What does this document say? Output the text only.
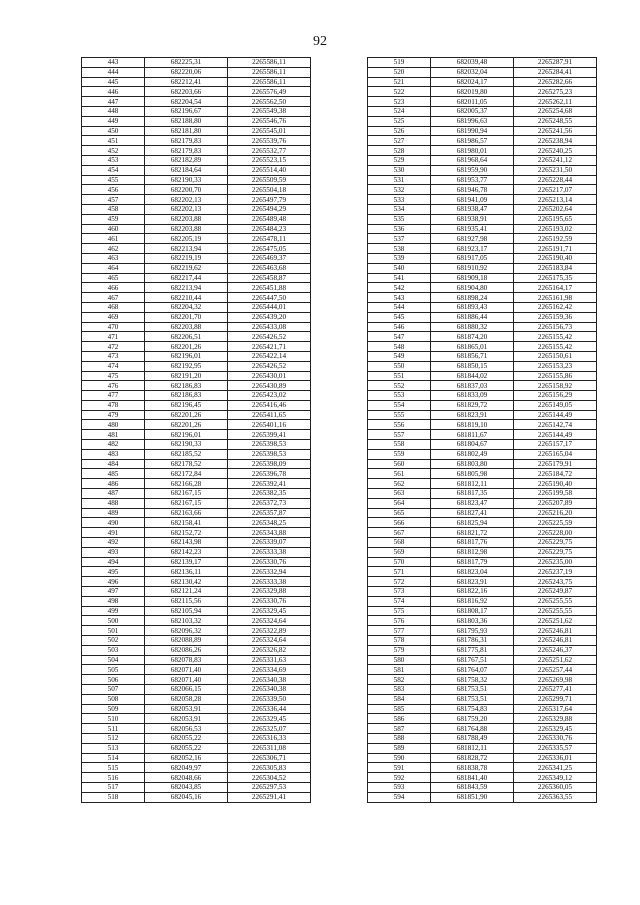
92
443	682225,31	2265586,11
444	682220,06	2265586,11
445	682212,41	2265586,11
446	682203,66	2265576,49
447	682204,54	2265562,50
448	682196,67	2265549,38
449	682188,80	2265546,76
450	682181,80	2265545,01
451	682179,83	2265539,76
452	682179,83	2265532,77
453	682182,89	2265523,15
454	682184,64	2265514,40
455	682190,33	2265509,59
456	682200,70	2265504,18
457	682202,13	2265497,79
458	682202,13	2265494,29
459	682203,88	2265489,48
460	682203,88	2265484,23
461	682205,19	2265478,11
462	682213,94	2265475,05
463	682219,19	2265469,37
464	682219,62	2265463,68
465	682217,44	2265458,87
466	682213,94	2265451,88
467	682210,44	2265447,50
468	682204,32	2265444,01
469	682201,70	2265439,20
470	682203,88	2265433,08
471	682206,51	2265426,52
472	682201,26	2265421,71
473	682196,01	2265422,14
474	682192,95	2265426,52
475	682191,20	2265430,01
476	682186,83	2265430,89
477	682186,83	2265423,02
478	682196,45	2265416,46
479	682201,26	2265411,65
480	682201,26	2265401,16
481	682196,01	2265399,41
482	682190,33	2265398,53
483	682185,52	2265398,53
484	682178,52	2265398,09
485	682172,84	2265396,78
486	682166,28	2265392,41
487	682167,15	2265382,35
488	682167,15	2265372,73
489	682163,66	2265357,87
490	682158,41	2265348,25
491	682152,72	2265343,88
492	682143,98	2265339,07
493	682142,23	2265333,38
494	682139,17	2265330,76
495	682136,11	2265332,94
496	682130,42	2265333,38
497	682121,24	2265329,88
498	682115,56	2265330,76
499	682105,94	2265329,45
500	682103,32	2265324,64
501	682096,32	2265322,89
502	682088,89	2265324,64
503	682086,26	2265326,82
504	682078,83	2265331,63
505	682071,40	2265334,69
506	682071,40	2265340,38
507	682066,15	2265340,38
508	682058,28	2265339,50
509	682053,91	2265336,44
510	682053,91	2265329,45
511	682056,53	2265325,07
512	682055,22	2265316,33
513	682055,22	2265311,08
514	682052,16	2265306,71
515	682049,97	2265305,83
516	682048,66	2265304,52
517	682043,85	2265297,53
518	682045,16	2265291,41
519	682039,48	2265287,91
520	682032,04	2265284,41
521	682024,17	2265282,66
522	682019,80	2265275,23
523	682011,05	2265262,11
524	682005,37	2265254,68
525	681996,63	2265248,55
526	681990,94	2265241,56
527	681986,57	2265238,94
528	681980,01	2265240,25
529	681968,64	2265241,12
530	681959,90	2265231,50
531	681953,77	2265228,44
532	681946,78	2265217,07
533	681941,09	2265213,14
534	681938,47	2265202,64
535	681938,91	2265195,65
536	681935,41	2265193,02
537	681927,98	2265192,59
538	681923,17	2265191,71
539	681917,05	2265190,40
540	681910,92	2265183,84
541	681909,18	2265175,35
542	681904,80	2265164,17
543	681898,24	2265161,98
544	681893,43	2265162,42
545	681886,44	2265159,36
546	681880,32	2265156,73
547	681874,20	2265155,42
548	681865,01	2265155,42
549	681856,71	2265150,61
550	681850,15	2265153,23
551	681844,02	2265155,86
552	681837,03	2265158,92
553	681833,09	2265156,29
554	681829,72	2265149,05
555	681823,91	2265144,49
556	681819,10	2265142,74
557	681811,67	2265144,49
558	681804,67	2265157,17
559	681802,49	2265165,04
560	681803,80	2265179,91
561	681805,98	2265184,72
562	681812,11	2265190,40
563	681817,35	2265199,58
564	681823,47	2265207,89
565	681827,41	2265216,20
566	681825,94	2265225,59
567	681821,72	2265228,00
568	681817,76	2265229,75
569	681812,98	2265229,75
570	681817,79	2265235,00
571	681823,04	2265237,19
572	681823,91	2265243,75
573	681822,16	2265249,87
574	681816,92	2265255,55
575	681808,17	2265255,55
576	681803,36	2265251,62
577	681795,93	2265246,81
578	681786,31	2265246,81
579	681775,81	2265246,37
580	681767,51	2265251,62
581	681764,07	2265257,44
582	681758,32	2265269,98
583	681753,51	2265277,41
584	681753,51	2265299,71
585	681754,83	2265317,64
586	681759,20	2265329,88
587	681764,88	2265329,45
588	681788,49	2265330,76
589	681812,11	2265335,57
590	681828,72	2265336,01
591	681838,78	2265341,25
592	681841,40	2265349,12
593	681843,59	2265360,05
594	681851,90	2265363,55
